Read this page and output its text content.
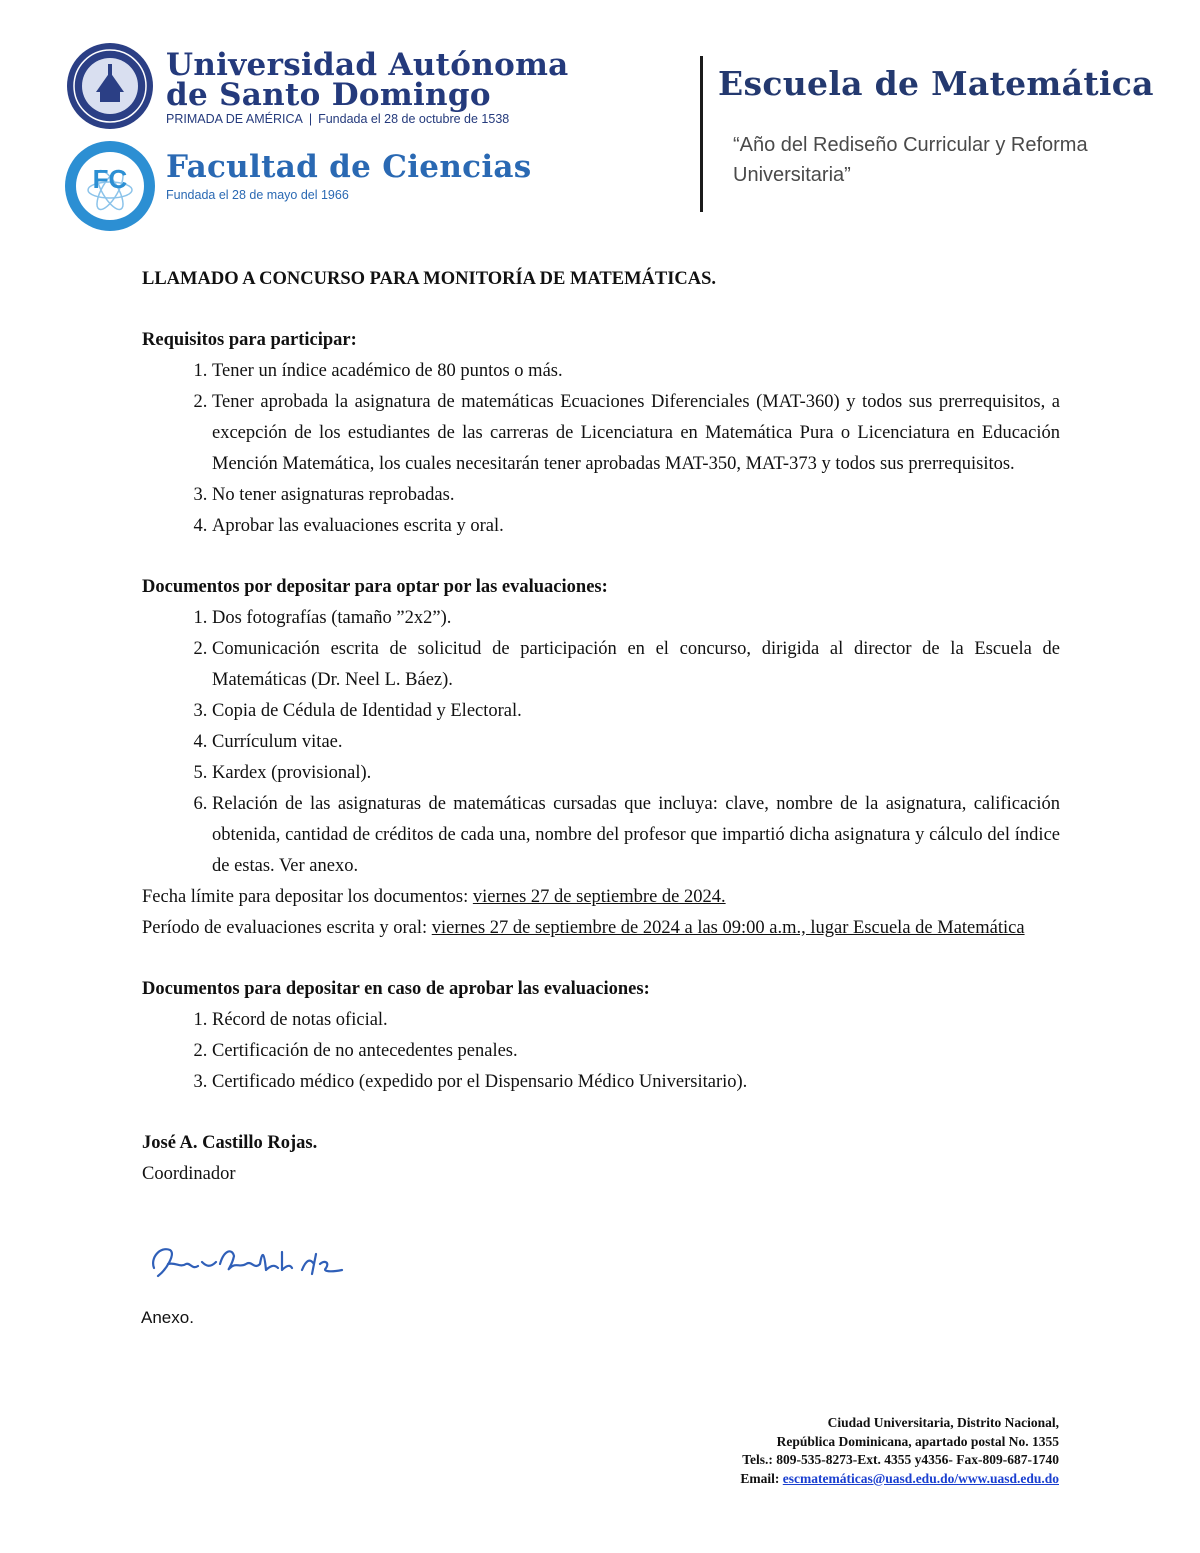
Universidad Autónoma
de Santo Domingo
PRIMADA DE AMÉRICA | Fundada el 28 de octubre de 1538
FC Facultad de Ciencias
Fundada el 28 de mayo del 1966
Escuela de Matemática
“Año del Rediseño Curricular y Reforma Universitaria”
LLAMADO A CONCURSO PARA MONITORÍA DE MATEMÁTICAS.
Requisitos para participar:
1. Tener un índice académico de 80 puntos o más.
2. Tener aprobada la asignatura de matemáticas Ecuaciones Diferenciales (MAT-360) y todos sus prerrequisitos, a excepción de los estudiantes de las carreras de Licenciatura en Matemática Pura o Licenciatura en Educación Mención Matemática, los cuales necesitarán tener aprobadas MAT-350, MAT-373 y todos sus prerrequisitos.
3. No tener asignaturas reprobadas.
4. Aprobar las evaluaciones escrita y oral.
Documentos por depositar para optar por las evaluaciones:
1. Dos fotografías (tamaño ”2x2”).
2. Comunicación escrita de solicitud de participación en el concurso, dirigida al director de la Escuela de Matemáticas (Dr. Neel L. Báez).
3. Copia de Cédula de Identidad y Electoral.
4. Currículum vitae.
5. Kardex (provisional).
6. Relación de las asignaturas de matemáticas cursadas que incluya: clave, nombre de la asignatura, calificación obtenida, cantidad de créditos de cada una, nombre del profesor que impartió dicha asignatura y cálculo del índice de estas. Ver anexo.

Fecha límite para depositar los documentos: viernes 27 de septiembre de 2024.

Período de evaluaciones escrita y oral: viernes 27 de septiembre de 2024 a las 09:00 a.m., lugar Escuela de Matemática

Documentos para depositar en caso de aprobar las evaluaciones:
1. Récord de notas oficial.
2. Certificación de no antecedentes penales.
3. Certificado médico (expedido por el Dispensario Médico Universitario).
José A. Castillo Rojas.
Coordinador
Anexo.
Ciudad Universitaria, Distrito Nacional,
República Dominicana, apartado postal No. 1355
Tels.: 809-535-8273-Ext. 4355 y4356- Fax-809-687-1740
Email: escmatemáticas@uasd.edu.do/www.uasd.edu.do
